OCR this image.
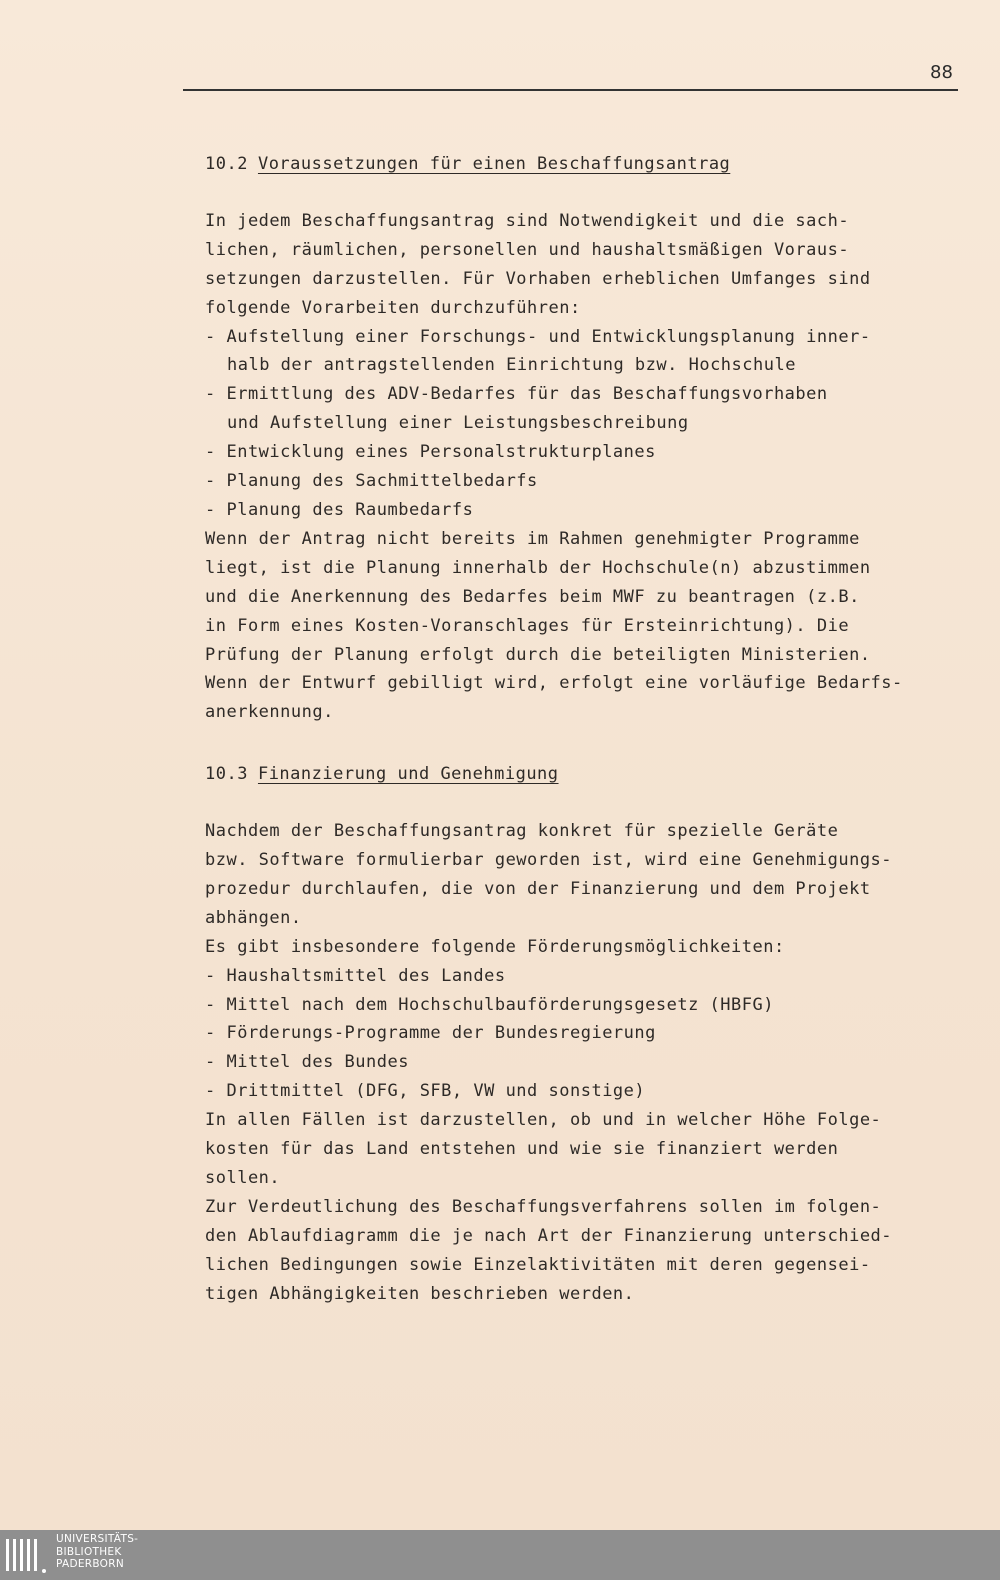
88

10.2 Voraussetzungen für einen Beschaffungsantrag

In jedem Beschaffungsantrag sind Notwendigkeit und die sach-
lichen, räumlichen, personellen und haushaltsmäßigen Voraus-
setzungen darzustellen. Für Vorhaben erheblichen Umfanges sind
folgende Vorarbeiten durchzuführen:
- Aufstellung einer Forschungs- und Entwicklungsplanung inner-
halb der antragstellenden Einrichtung bzw. Hochschule
- Ermittlung des ADV-Bedarfes für das Beschaffungsvorhaben
und Aufstellung einer Leistungsbeschreibung
- Entwicklung eines Personalstrukturplanes
- Planung des Sachmittelbedarfs
- Planung des Raumbedarfs
Wenn der Antrag nicht bereits im Rahmen genehmigter Programme
liegt, ist die Planung innerhalb der Hochschule(n) abzustimmen
und die Anerkennung des Bedarfes beim MWF zu beantragen (z.B.
in Form eines Kosten-Voranschlages für Ersteinrichtung). Die
Prüfung der Planung erfolgt durch die beteiligten Ministerien.
Wenn der Entwurf gebilligt wird, erfolgt eine vorläufige Bedarfs-
anerkennung.

10.3 Finanzierung und Genehmigung

Nachdem der Beschaffungsantrag konkret für spezielle Geräte
bzw. Software formulierbar geworden ist, wird eine Genehmigungs-
prozedur durchlaufen, die von der Finanzierung und dem Projekt
abhängen.
Es gibt insbesondere folgende Förderungsmöglichkeiten:
- Haushaltsmittel des Landes
- Mittel nach dem Hochschulbauförderungsgesetz (HBFG)
- Förderungs-Programme der Bundesregierung
- Mittel des Bundes
- Drittmittel (DFG, SFB, VW und sonstige)
In allen Fällen ist darzustellen, ob und in welcher Höhe Folge-
kosten für das Land entstehen und wie sie finanziert werden
sollen.
Zur Verdeutlichung des Beschaffungsverfahrens sollen im folgen-
den Ablaufdiagramm die je nach Art der Finanzierung unterschied-
lichen Bedingungen sowie Einzelaktivitäten mit deren gegensei-
tigen Abhängigkeiten beschrieben werden.
UNIVERSITÄTS-
BIBLIOTHEK
PADERBORN
